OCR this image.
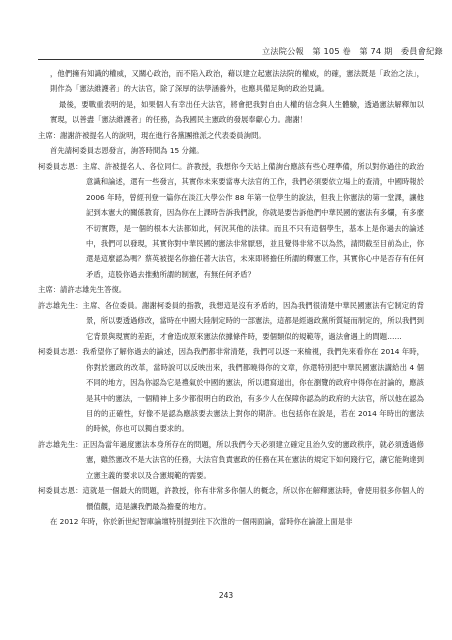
立法院公報　第 105 卷　第 74 期　委員會紀錄

，他們擁有知識的權威，又關心政治，而不陷入政治，藉以建立起憲法法院的權威，的確，憲法既是「政治之法」，則作為「憲法維護者」的大法官，除了深厚的法學涵養外，也應具備足夠的政治見識。

最後，要戰重表明的是，如果個人有幸出任大法官，將會把我對自由人權的信念與人生體驗，透過憲法解釋加以實現，以善盡「憲法維護者」的任務，為我國民主憲政的發展奉獻心力。謝謝！

主席：謝謝許被提名人的說明，現在進行各黨團推派之代表委員詢問。

首先請柯委員志恩發言，詢答時間為 15 分鐘。

柯委員志恩：主席、許被提名人、各位同仁。許教授，我想你今天站上備詢台應該有些心理準備，所以對你過往的政治意識和論述，還有一些發言，其實你未來要當專大法官的工作，我們必須要依立場上的查清，中國時報於 2006 年時，曾經刊登一篇你在淡江大學公作 88 年第一位學生的說法，但我上你憲法的第一堂課，讓他記到本憲大的關係教育，因為你在上課時告訴我們說，你就是要告訴他們中華民國的憲法有多爛，有多麼不切實際，是一個的根本大法都如此，何況其他的法律。而且不只有這個學生，基本上是你過去的論述中，我們可以發現，其實你對中華民國的憲法非常厭惡，並且覺得非常不以為然，請問截至目前為止，你還是這麼認為嗎？蔡英被提名你擔任著大法官，未來即將擔任所謂的釋憲工作，其實你心中是否存有任何矛盾，這股你過去推動所謂的制憲，有無任何矛盾？

主席：請許志雄先生答復。

許志雄先生：主席、各位委員。謝謝柯委員的指教，我想這是沒有矛盾的，因為我們很清楚中華民國憲法有它制定的背景，所以要透過修改，當時在中國大陸制定時的一部憲法，這都是經過政黨所質疑而制定的，所以我們到它背景與現實的差距，才會造成原來憲法依據條件時，要個類似的規範等，過法會遇上的問題……

柯委員志恩：我希望你了解你過去的論述，因為我們都非常清楚，我們可以逐一來檢視，我們先來看你在 2014 年時，你對於憲政的改革，當時說可以反映出來，我們都曉得你的文章，你還特別把中華民國憲法講給出 4 個不同的地方，因為你認為它是禮氣於中國的憲法，所以還寫道出，你在瀏覽的政府中得你在討論的，應該是其中的憲法，一個精神上多少都很明白的政治，有多少人在保障你認為的政府的大法官，所以他在認為目的的正確性，好像不是認為應該要去憲法上對你的期許。也包括你在說是，若在 2014 年時出的憲法的時候，你也可以獨自要求的。

許志雄先生：正因為當年過度憲法本身所存在的問題，所以我們今天必須建立確定且治久安的憲政秩序，就必須透過修憲，雖然憲改不是大法官的任務，大法官負責憲政的任務在其在憲法的規定下如何踐行它，讓它能夠達到立憲主義的要求以及合憲規範的需要。

柯委員志恩：這就是一個最大的問題，許教授，你有非常多你個人的概念，所以你在解釋憲法時，會使用很多你個人的價值觀，這是讓我們最為擔憂的地方。

在 2012 年時，你於新世紀智庫論壇特別提到往下次淮的一個兩面論，當時你在論證上面是非

243
